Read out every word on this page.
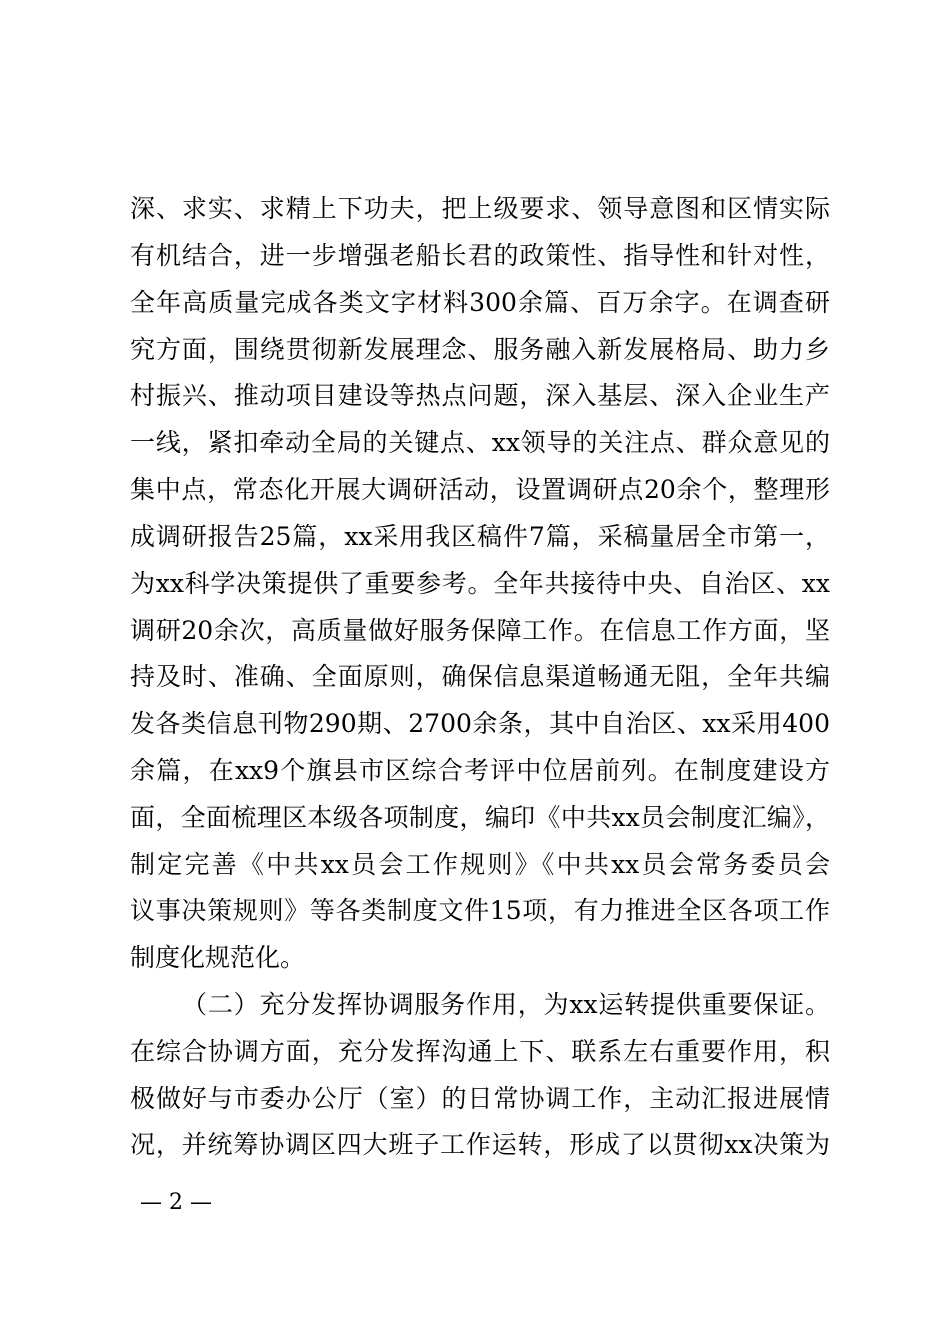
深、求实、求精上下功夫，把上级要求、领导意图和区情实际
有机结合，进一步增强老船长君的政策性、指导性和针对性，
全年高质量完成各类文字材料300余篇、百万余字。在调查研
究方面，围绕贯彻新发展理念、服务融入新发展格局、助力乡
村振兴、推动项目建设等热点问题，深入基层、深入企业生产
一线，紧扣牵动全局的关键点、xx领导的关注点、群众意见的
集中点，常态化开展大调研活动，设置调研点20余个，整理形
成调研报告25篇，xx采用我区稿件7篇，采稿量居全市第一，
为xx科学决策提供了重要参考。全年共接待中央、自治区、xx
调研20余次，高质量做好服务保障工作。在信息工作方面，坚
持及时、准确、全面原则，确保信息渠道畅通无阻，全年共编
发各类信息刊物290期、2700余条，其中自治区、xx采用400
余篇，在xx9个旗县市区综合考评中位居前列。在制度建设方
面，全面梳理区本级各项制度，编印《中共xx员会制度汇编》，
制定完善《中共xx员会工作规则》《中共xx员会常务委员会
议事决策规则》等各类制度文件15项，有力推进全区各项工作
制度化规范化。
（二）充分发挥协调服务作用，为xx运转提供重要保证。
在综合协调方面，充分发挥沟通上下、联系左右重要作用，积
极做好与市委办公厅（室）的日常协调工作，主动汇报进展情
况，并统筹协调区四大班子工作运转，形成了以贯彻xx决策为
— 2 —
